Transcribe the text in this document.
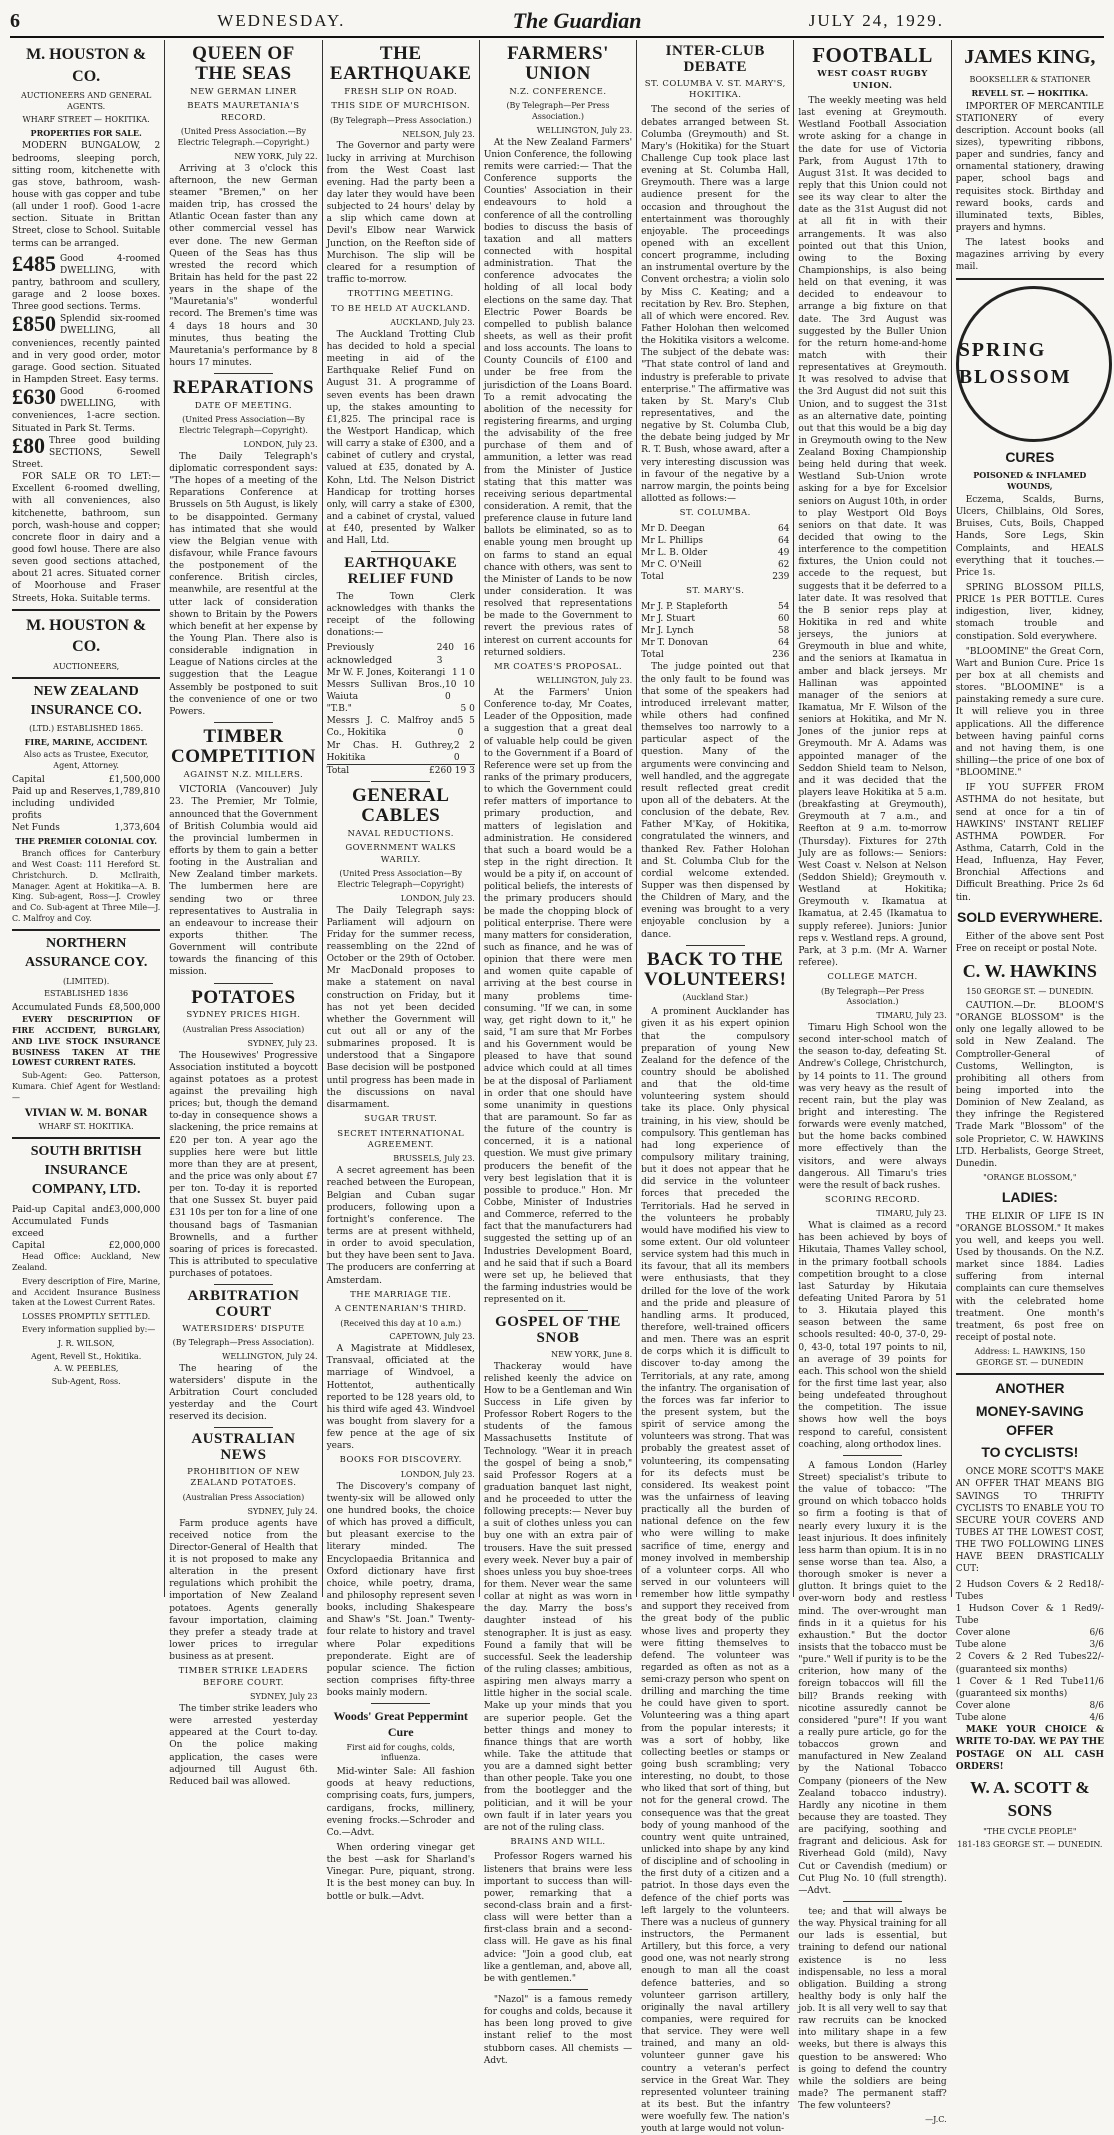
6	WEDNESDAY.	The Guardian	JULY 24, 1929.
M. HOUSTON & CO.
AUCTIONEERS AND GENERAL AGENTS.
WHARF STREET — HOKITIKA.
PROPERTIES FOR SALE.

MODERN BUNGALOW, 2 bedrooms, sleeping porch, sitting room, kitchenette with gas stove, bathroom, wash-house with gas copper and tube (all under 1 roof). Good 1-acre section. Situate in Brittan Street, close to School. Suitable terms can be arranged.

£485 Good 4-roomed DWELLING, with pantry, bathroom and scullery, garage and 2 loose boxes. Three good sections. Terms.
£850 Splendid six-roomed DWELLING, all conveniences, recently painted and in very good order, motor garage. Good section. Situated in Hampden Street. Easy terms.
£630 Good 6-roomed DWELLING, with conveniences, 1-acre section. Situated in Park St. Terms.
£80 Three good building SECTIONS, Sewell Street.

FOR SALE OR TO LET:—Excellent 6-roomed dwelling, with all conveniences, also kitchenette, bathroom, sun porch, wash-house and copper; concrete floor in dairy and a good fowl house. There are also seven good sections attached, about 21 acres. Situated corner of Moorhouse and Fraser Streets, Hoka. Suitable terms.

M. HOUSTON & CO.
AUCTIONEERS,
NEW ZEALAND INSURANCE CO.
(LTD.) ESTABLISHED 1865.
FIRE, MARINE, ACCIDENT.
Also acts as Trustee, Executor, Agent, Attorney.
Capital	£1,500,000
Paid up and Reserves, including undivided profits
1,789,810
Net Funds	1,373,604
THE PREMIER COLONIAL COY.

Branch offices for Canterbury and West Coast: 111 Hereford St. Christchurch. D. McIlraith, Manager. Agent at Hokitika—A. B. King. Sub-agent, Ross—J. Crowley and Co. Sub-agent at Three Mile—J. C. Malfroy and Coy.

NORTHERN ASSURANCE COY.
(LIMITED).
ESTABLISHED 1836
Accumulated Funds £8,500,000

EVERY DESCRIPTION OF FIRE ACCIDENT, BURGLARY, AND LIVE STOCK INSURANCE BUSINESS TAKEN AT THE LOWEST CURRENT RATES.

Sub-Agent: Geo. Patterson, Kumara. Chief Agent for Westland:—

VIVIAN W. M. BONAR
WHARF ST. HOKITIKA.
SOUTH BRITISH INSURANCE COMPANY, LTD.
Paid-up Capital and Accumulated Funds exceed
£3,000,000
Capital	£2,000,000

Head Office: Auckland, New Zealand.

Every description of Fire, Marine, and Accident Insurance Business taken at the Lowest Current Rates.

LOSSES PROMPTLY SETTLED.

Every information supplied by:—

J. R. WILSON,
Agent, Revell St., Hokitika.
A. W. PEEBLES,
Sub-Agent, Ross.
QUEEN OF THE SEAS
NEW GERMAN LINER
BEATS MAURETANIA'S RECORD.
(United Press Association.—By Electric Telegraph.—Copyright.)
NEW YORK, July 22.

Arriving at 3 o'clock this afternoon, the new German steamer "Bremen," on her maiden trip, has crossed the Atlantic Ocean faster than any other commercial vessel has ever done. The new German Queen of the Seas has thus wrested the record which Britain has held for the past 22 years in the shape of the "Mauretania's" wonderful record. The Bremen's time was 4 days 18 hours and 30 minutes, thus beating the Mauretania's performance by 8 hours 17 minutes.

REPARATIONS
DATE OF MEETING.
(United Press Association—By Electric Telegraph—Copyright).
LONDON, July 23.

The Daily Telegraph's diplomatic correspondent says: "The hopes of a meeting of the Reparations Conference at Brussels on 5th August, is likely to be disappointed. Germany has intimated that she would view the Belgian venue with disfavour, while France favours the postponement of the conference. British circles, meanwhile, are resentful at the utter lack of consideration shown to Britain by the Powers which benefit at her expense by the Young Plan. There also is considerable indignation in League of Nations circles at the suggestion that the League Assembly be postponed to suit the convenience of one or two Powers.

TIMBER COMPETITION
AGAINST N.Z. MILLERS.

VICTORIA (Vancouver) July 23. The Premier, Mr Tolmie, announced that the Government of British Columbia would aid the provincial lumbermen in efforts by them to gain a better footing in the Australian and New Zealand timber markets. The lumbermen here are sending two or three representatives to Australia in an endeavour to increase their exports thither. The Government will contribute towards the financing of this mission.

POTATOES
SYDNEY PRICES HIGH.
(Australian Press Association)
SYDNEY, July 23.

The Housewives' Progressive Association instituted a boycott against potatoes as a protest against the prevailing high prices; but, though the demand to-day in consequence shows a slackening, the price remains at £20 per ton. A year ago the supplies here were but little more than they are at present, and the price was only about £7 per ton. To-day it is reported that one Sussex St. buyer paid £31 10s per ton for a line of one thousand bags of Tasmanian Brownells, and a further soaring of prices is forecasted. This is attributed to speculative purchases of potatoes.

ARBITRATION COURT
WATERSIDERS' DISPUTE
(By Telegraph—Press Association).
WELLINGTON, July 24.

The hearing of the watersiders' dispute in the Arbitration Court concluded yesterday and the Court reserved its decision.

AUSTRALIAN NEWS
PROHIBITION OF NEW ZEALAND POTATOES.
(Australian Press Association)
SYDNEY, July 24.

Farm produce agents have received notice from the Director-General of Health that it is not proposed to make any alteration in the present regulations which prohibit the importation of New Zealand potatoes. Agents generally favour importation, claiming they prefer a steady trade at lower prices to irregular business as at present.

TIMBER STRIKE LEADERS BEFORE COURT.
SYDNEY, July 23

The timber strike leaders who were arrested yesterday appeared at the Court to-day. On the police making application, the cases were adjourned till August 6th. Reduced bail was allowed.

THE EARTHQUAKE
FRESH SLIP ON ROAD.
THIS SIDE OF MURCHISON.
(By Telegraph—Press Association.)
NELSON, July 23.

The Governor and party were lucky in arriving at Murchison from the West Coast last evening. Had the party been a day later they would have been subjected to 24 hours' delay by a slip which came down at Devil's Elbow near Warwick Junction, on the Reefton side of Murchison. The slip will be cleared for a resumption of traffic to-morrow.

TROTTING MEETING.
TO BE HELD AT AUCKLAND.
AUCKLAND, July 23.

The Auckland Trotting Club has decided to hold a special meeting in aid of the Earthquake Relief Fund on August 31. A programme of seven events has been drawn up, the stakes amounting to £1,825. The principal race is the Westport Handicap, which will carry a stake of £300, and a cabinet of cutlery and crystal, valued at £35, donated by A. Kohn, Ltd. The Nelson District Handicap for trotting horses only, will carry a stake of £300, and a cabinet of crystal, valued at £40, presented by Walker and Hall, Ltd.

EARTHQUAKE RELIEF FUND

The Town Clerk acknowledges with thanks the receipt of the following donations:—

Previously acknowledged
240 16 3
Mr W. F. Jones, Koiterangi 1 1 0
Messrs Sullivan Bros., Waiuta
10 10 0
"T.B."	5 0
Messrs J. C. Malfroy and Co., Hokitika
5 5 0
Mr Chas. H. Guthrey, Hokitika
2 2 0
Total	£260 19 3
GENERAL CABLES
NAVAL REDUCTIONS.
GOVERNMENT WALKS WARILY.
(United Press Association—By Electric Telegraph—Copyright)
LONDON, July 23.

The Daily Telegraph says: Parliament will adjourn on Friday for the summer recess, reassembling on the 22nd of October or the 29th of October. Mr MacDonald proposes to make a statement on naval construction on Friday, but it has not yet been decided whether the Government will cut out all or any of the submarines proposed. It is understood that a Singapore Base decision will be postponed until progress has been made in the discussions on naval disarmament.

SUGAR TRUST.
SECRET INTERNATIONAL AGREEMENT.
BRUSSELS, July 23.

A secret agreement has been reached between the European, Belgian and Cuban sugar producers, following upon a fortnight's conference. The terms are at present withheld, in order to avoid speculation, but they have been sent to Java. The producers are conferring at Amsterdam.

THE MARRIAGE TIE.
A CENTENARIAN'S THIRD.
(Received this day at 10 a.m.)
CAPETOWN, July 23.

A Magistrate at Middlesex, Transvaal, officiated at the marriage of Windvoel, a Hottentot, authentically reported to be 128 years old, to his third wife aged 43. Windvoel was bought from slavery for a few pence at the age of six years.

BOOKS FOR DISCOVERY.
LONDON, July 23.

The Discovery's company of twenty-six will be allowed only one hundred books, the choice of which has proved a difficult, but pleasant exercise to the literary minded. The Encyclopaedia Britannica and Oxford dictionary have first choice, while poetry, drama, and philosophy represent seven books, including Shakespeare and Shaw's "St. Joan." Twenty-four relate to history and travel where Polar expeditions preponderate. Eight are of popular science. The fiction section comprises fifty-three books mainly modern.

Woods' Great Peppermint Cure
First aid for coughs, colds, influenza.

Mid-winter Sale: All fashion goods at heavy reductions, comprising coats, furs, jumpers, cardigans, frocks, millinery, evening frocks.—Schroder and Co.—Advt.

When ordering vinegar get the best —ask for Sharland's Vinegar. Pure, piquant, strong. It is the best money can buy. In bottle or bulk.—Advt.

FARMERS' UNION
N.Z. CONFERENCE.
(By Telegraph—Per Press Association.)
WELLINGTON, July 23.

At the New Zealand Farmers' Union Conference, the following remits were carried:— That the Conference supports the Counties' Association in their endeavours to hold a conference of all the controlling bodies to discuss the basis of taxation and all matters connected with hospital administration. That the conference advocates the holding of all local body elections on the same day. That Electric Power Boards be compelled to publish balance sheets, as well as their profit and loss accounts. The loans to County Councils of £100 and under be free from the jurisdiction of the Loans Board. To a remit advocating the abolition of the necessity for registering firearms, and urging the advisability of the free purchase of them and of ammunition, a letter was read from the Minister of Justice stating that this matter was receiving serious departmental consideration. A remit, that the preference clause in future land ballots be eliminated, so as to enable young men brought up on farms to stand an equal chance with others, was sent to the Minister of Lands to be now under consideration. It was resolved that representations be made to the Government to revert the previous rates of interest on current accounts for returned soldiers.

MR COATES'S PROPOSAL.
WELLINGTON, July 23.

At the Farmers' Union Conference to-day, Mr Coates, Leader of the Opposition, made a suggestion that a great deal of valuable help could be given to the Government if a Board of Reference were set up from the ranks of the primary producers, to which the Government could refer matters of importance to primary production, and matters of legislation and administration. He considered that such a board would be a step in the right direction. It would be a pity if, on account of political beliefs, the interests of the primary producers should be made the chopping block of political enterprise. There were many matters for consideration, such as finance, and he was of opinion that there were men and women quite capable of arriving at the best course in many problems time-consuming. "If we can, in some way, get right down to it," he said, "I am sure that Mr Forbes and his Government would be pleased to have that sound advice which could at all times be at the disposal of Parliament in order that one should have some unanimity in questions that are paramount. So far as the future of the country is concerned, it is a national question. We must give primary producers the benefit of the very best legislation that it is possible to produce." Hon. Mr Cobbe, Minister of Industries and Commerce, referred to the fact that the manufacturers had suggested the setting up of an Industries Development Board, and he said that if such a Board were set up, he believed that the farming industries would be represented on it.

GOSPEL OF THE SNOB
NEW YORK, June 8.

Thackeray would have relished keenly the advice on How to be a Gentleman and Win Success in Life given by Professor Robert Rogers to the students of the famous Massachusetts Institute of Technology. "Wear it in preach the gospel of being a snob," said Professor Rogers at a graduation banquet last night, and he proceeded to utter the following precepts:— Never buy a suit of clothes unless you can buy one with an extra pair of trousers. Have the suit pressed every week. Never buy a pair of shoes unless you buy shoe-trees for them. Never wear the same collar at night as was worn in the day. Marry the boss's daughter instead of his stenographer. It is just as easy. Found a family that will be successful. Seek the leadership of the ruling classes; ambitious, aspiring men always marry a little higher in the social scale. Make up your minds that you are superior people. Get the better things and money to finance things that are worth while. Take the attitude that you are a damned sight better than other people. Take you one from the bootlegger and the politician, and it will be your own fault if in later years you are not of the ruling class.

BRAINS AND WILL.

Professor Rogers warned his listeners that brains were less important to success than will-power, remarking that a second-class brain and a first-class will were better than a first-class brain and a second-class will. He gave as his final advice: "Join a good club, eat like a gentleman, and, above all, be with gentlemen."

"Nazol" is a famous remedy for coughs and colds, because it has been long proved to give instant relief to the most stubborn cases. All chemists —Advt.

INTER-CLUB DEBATE
ST. COLUMBA V. ST. MARY'S, HOKITIKA.

The second of the series of debates arranged between St. Columba (Greymouth) and St. Mary's (Hokitika) for the Stuart Challenge Cup took place last evening at St. Columba Hall, Greymouth. There was a large audience present for the occasion and throughout the entertainment was thoroughly enjoyable. The proceedings opened with an excellent concert programme, including an instrumental overture by the Convent orchestra; a violin solo by Miss C. Keating; and a recitation by Rev. Bro. Stephen, all of which were encored. Rev. Father Holohan then welcomed the Hokitika visitors a welcome. The subject of the debate was: "That state control of land and industry is preferable to private enterprise." The affirmative was taken by St. Mary's Club representatives, and the negative by St. Columba Club, the debate being judged by Mr R. T. Bush, whose award, after a very interesting discussion was in favour of the negative by a narrow margin, the points being allotted as follows:—

ST. COLUMBA.
Mr D. Deegan	64
Mr L. Phillips	64
Mr L. B. Older	49
Mr C. O'Neill	62
Total	239
ST. MARY'S.
Mr J. P. Stapleforth	54
Mr J. Stuart	60
Mr J. Lynch	58
Mr T. Donovan	64
Total	236

The judge pointed out that the only fault to be found was that some of the speakers had introduced irrelevant matter, while others had confined themselves too narrowly to a particular aspect of the question. Many of the arguments were convincing and well handled, and the aggregate result reflected great credit upon all of the debaters. At the conclusion of the debate, Rev. Father M'Kay, of Hokitika, congratulated the winners, and thanked Rev. Father Holohan and St. Columba Club for the cordial welcome extended. Supper was then dispensed by the Children of Mary, and the evening was brought to a very enjoyable conclusion by a dance.

BACK TO THE VOLUNTEERS!
(Auckland Star.)

A prominent Aucklander has given it as his expert opinion that the compulsory preparation of young New Zealand for the defence of the country should be abolished and that the old-time volunteering system should take its place. Only physical training, in his view, should be compulsory. This gentleman has had long experience of compulsory military training, but it does not appear that he did service in the volunteer forces that preceded the Territorials. Had he served in the volunteers he probably would have modified his view to some extent. Our old volunteer service system had this much in its favour, that all its members were enthusiasts, that they drilled for the love of the work and the pride and pleasure of handling arms. It produced, therefore, well-trained officers and men. There was an esprit de corps which it is difficult to discover to-day among the Territorials, at any rate, among the infantry. The organisation of the forces was far inferior to the present system, but the spirit of service among the volunteers was strong. That was probably the greatest asset of volunteering, its compensating for its defects must be considered. Its weakest point was the unfairness of leaving practically all the burden of national defence on the few who were willing to make sacrifice of time, energy and money involved in membership of a volunteer corps. All who served in our volunteers will remember how little sympathy and support they received from the great body of the public whose lives and property they were fitting themselves to defend. The volunteer was regarded as often as not as a semi-crazy person who spent on drilling and marching the time he could have given to sport. Volunteering was a thing apart from the popular interests; it was a sort of hobby, like collecting beetles or stamps or going bush scrambling; very interesting, no doubt, to those who liked that sort of thing, but not for the general crowd. The consequence was that the great body of young manhood of the country went quite untrained, unlicked into shape by any kind of discipline and of schooling in the first duty of a citizen and a patriot. In those days even the defence of the chief ports was left largely to the volunteers. There was a nucleus of gunnery instructors, the Permanent Artillery, but this force, a very good one, was not nearly strong enough to man all the coast defence batteries, and so volunteer garrison artillery, originally the naval artillery companies, were required for that service. They were well trained, and many an old-volunteer gunner gave his country a veteran's perfect service in the Great War. They represented volunteer training at its best. But the infantry were woefully few. The nation's youth at large would not volun-

FOOTBALL
WEST COAST RUGBY UNION.

The weekly meeting was held last evening at Greymouth. Westland Football Association wrote asking for a change in the date for use of Victoria Park, from August 17th to August 31st. It was decided to reply that this Union could not see its way clear to alter the date as the 31st August did not at all fit in with their arrangements. It was also pointed out that this Union, owing to the Boxing Championships, is also being held on that evening, it was decided to endeavour to arrange a big fixture on that date. The 3rd August was suggested by the Buller Union for the return home-and-home match with their representatives at Greymouth. It was resolved to advise that the 3rd August did not suit this Union, and to suggest the 31st as an alternative date, pointing out that this would be a big day in Greymouth owing to the New Zealand Boxing Championship being held during that week. Westland Sub-Union wrote asking for a bye for Excelsior seniors on August 10th, in order to play Westport Old Boys seniors on that date. It was decided that owing to the interference to the competition fixtures, the Union could not accede to the request, but suggests that it be deferred to a later date. It was resolved that the B senior reps play at Hokitika in red and white jerseys, the juniors at Greymouth in blue and white, and the seniors at Ikamatua in amber and black jerseys. Mr Hallinan was appointed manager of the seniors at Ikamatua, Mr F. Wilson of the seniors at Hokitika, and Mr N. Jones of the junior reps at Greymouth. Mr A. Adams was appointed manager of the Seddon Shield team to Nelson, and it was decided that the players leave Hokitika at 5 a.m. (breakfasting at Greymouth), Greymouth at 7 a.m., and Reefton at 9 a.m. to-morrow (Thursday). Fixtures for 27th July are as follows:— Seniors: West Coast v. Nelson at Nelson (Seddon Shield); Greymouth v. Westland at Hokitika; Greymouth v. Ikamatua at Ikamatua, at 2.45 (Ikamatua to supply referee). Juniors: Junior reps v. Westland reps. A ground, Park, at 3 p.m. (Mr A. Warner referee).

COLLEGE MATCH.
(By Telegraph—Per Press Association.)
TIMARU, July 23.

Timaru High School won the second inter-school match of the season to-day, defeating St. Andrew's College, Christchurch, by 14 points to 11. The ground was very heavy as the result of recent rain, but the play was bright and interesting. The forwards were evenly matched, but the home backs combined more effectively than the visitors, and were always dangerous. All Timaru's tries were the result of back rushes.

SCORING RECORD.
TIMARU, July 23.

What is claimed as a record has been achieved by boys of Hikutaia, Thames Valley school, in the primary football schools competition brought to a close last Saturday by Hikutaia defeating United Parora by 51 to 3. Hikutaia played this season between the same schools resulted: 40-0, 37-0, 29-0, 43-0, total 197 points to nil, an average of 39 points for each. This school won the shield for the first time last year, also being undefeated throughout the competition. The issue shows how well the boys respond to careful, consistent coaching, along orthodox lines.

A famous London (Harley Street) specialist's tribute to the value of tobacco: "The ground on which tobacco holds so firm a footing is that of nearly every luxury it is the least injurious. It does infinitely less harm than opium. It is in no sense worse than tea. Also, a thorough smoker is never a glutton. It brings quiet to the over-worn body and restless mind. The over-wrought man finds in it a quietus for his exhaustion." But the doctor insists that the tobacco must be "pure." Well if purity is to be the criterion, how many of the foreign tobaccos will fill the bill? Brands reeking with nicotine assuredly cannot be considered "pure"! If you want a really pure article, go for the tobaccos grown and manufactured in New Zealand by the National Tobacco Company (pioneers of the New Zealand tobacco industry). Hardly any nicotine in them because they are toasted. They are pacifying, soothing and fragrant and delicious. Ask for Riverhead Gold (mild), Navy Cut or Cavendish (medium) or Cut Plug No. 10 (full strength).—Advt.

tee; and that will always be the way. Physical training for all our lads is essential, but training to defend our national existence is no less indispensable, no less a moral obligation. Building a strong healthy body is only half the job. It is all very well to say that raw recruits can be knocked into military shape in a few weeks, but there is always this question to be answered: Who is going to defend the country while the soldiers are being made? The permanent staff? The few volunteers?

—J.C.
JAMES KING,
BOOKSELLER & STATIONER
REVELL ST. — HOKITIKA.

IMPORTER OF MERCANTILE STATIONERY of every description. Account books (all sizes), typewriting ribbons, paper and sundries, fancy and ornamental stationery, drawing paper, school bags and requisites stock. Birthday and reward books, cards and illuminated texts, Bibles, prayers and hymns.

The latest books and magazines arriving by every mail.

SPRING BLOSSOM
CURES
POISONED & INFLAMED WOUNDS,

Eczema, Scalds, Burns, Ulcers, Chilblains, Old Sores, Bruises, Cuts, Boils, Chapped Hands, Sore Legs, Skin Complaints, and HEALS everything that it touches.—Price 1s.

SPRING BLOSSOM PILLS, PRICE 1s PER BOTTLE. Cures indigestion, liver, kidney, stomach trouble and constipation. Sold everywhere.

"BLOOMINE" the Great Corn, Wart and Bunion Cure. Price 1s per box at all chemists and stores. "BLOOMINE" is a painstaking remedy a sure cure. It will relieve you in three applications. All the difference between having painful corns and not having them, is one shilling—the price of one box of "BLOOMINE."

IF YOU SUFFER FROM ASTHMA do not hesitate, but send at once for a tin of HAWKINS' INSTANT RELIEF ASTHMA POWDER. For Asthma, Catarrh, Cold in the Head, Influenza, Hay Fever, Bronchial Affections and Difficult Breathing. Price 2s 6d tin.

SOLD EVERYWHERE.

Either of the above sent Post Free on receipt or postal Note.

C. W. HAWKINS
150 GEORGE ST. — DUNEDIN.

CAUTION.—Dr. BLOOM'S "ORANGE BLOSSOM" is the only one legally allowed to be sold in New Zealand. The Comptroller-General of Customs, Wellington, is prohibiting all others from being imported into the Dominion of New Zealand, as they infringe the Registered Trade Mark "Blossom" of the sole Proprietor, C. W. HAWKINS LTD. Herbalists, George Street, Dunedin.

"ORANGE BLOSSOM,"
LADIES:

THE ELIXIR OF LIFE IS IN "ORANGE BLOSSOM." It makes you well, and keeps you well. Used by thousands. On the N.Z. market since 1884. Ladies suffering from internal complaints can cure themselves with the celebrated home treatment. One month's treatment, 6s post free on receipt of postal note.

Address: L. HAWKINS, 150 GEORGE ST. — DUNEDIN
ANOTHER
MONEY-SAVING OFFER
TO CYCLISTS!

ONCE MORE SCOTT'S MAKE AN OFFER THAT MEANS BIG SAVINGS TO THRIFTY CYCLISTS TO ENABLE YOU TO SECURE YOUR COVERS AND TUBES AT THE LOWEST COST, THE TWO FOLLOWING LINES HAVE BEEN DRASTICALLY CUT:

2 Hudson Covers & 2 Red Tubes
18/-
1 Hudson Cover & 1 Red Tube
9/-
Cover alone	6/6
Tube alone	3/6
2 Covers & 2 Red Tubes (guaranteed six months)
22/-
1 Cover & 1 Red Tube (guaranteed six months)
11/6
Cover alone	8/6
Tube alone	4/6

MAKE YOUR CHOICE & WRITE TO-DAY. WE PAY THE POSTAGE ON ALL CASH ORDERS!

W. A. SCOTT & SONS
"THE CYCLE PEOPLE"
181-183 GEORGE ST. — DUNEDIN.
